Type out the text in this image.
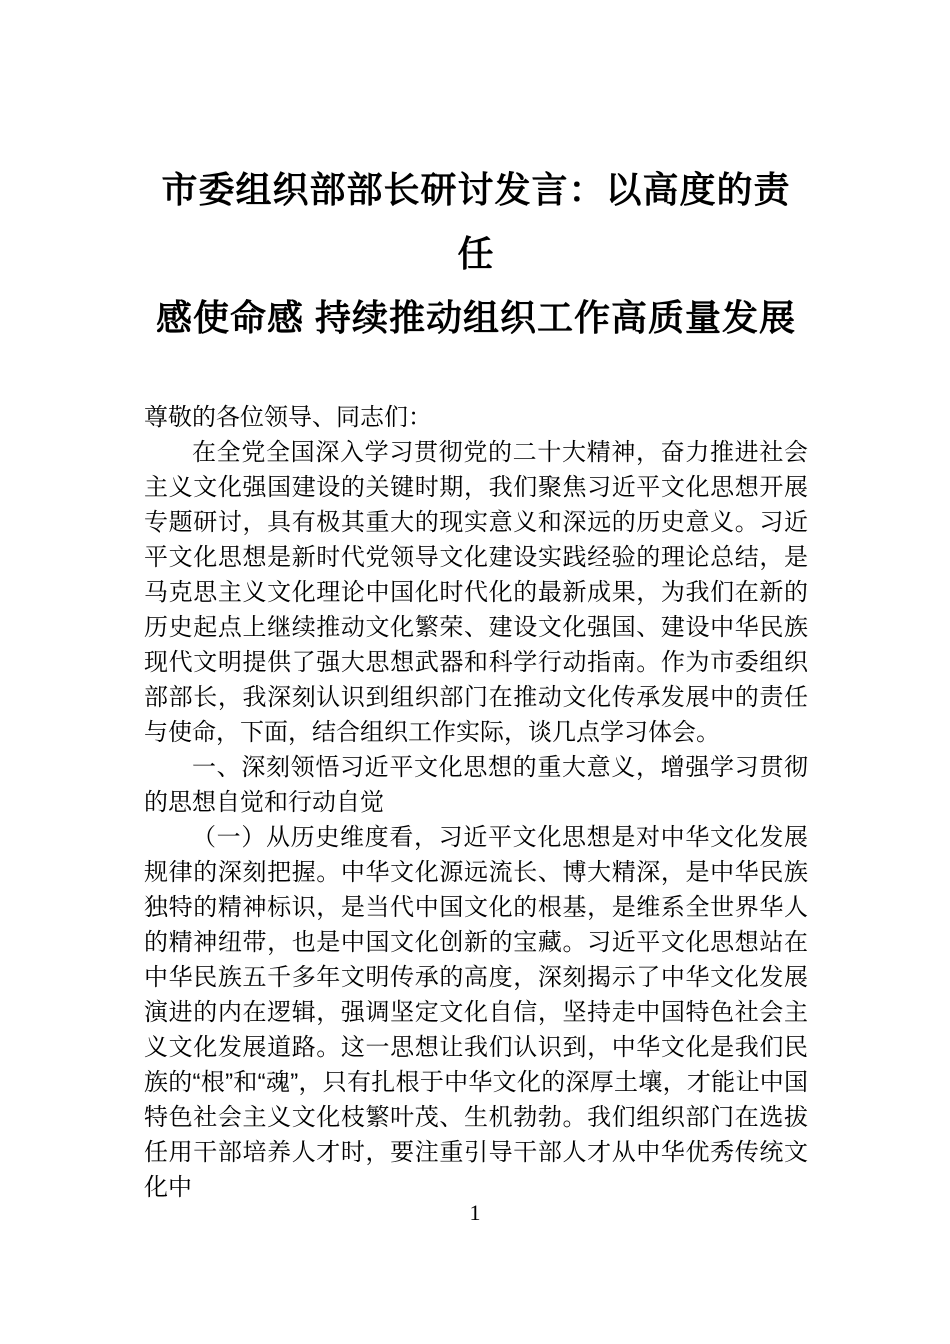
市委组织部部长研讨发言：以高度的责任
感使命感 持续推动组织工作高质量发展

尊敬的各位领导、同志们：

在全党全国深入学习贯彻党的二十大精神，奋力推进社会主义文化强国建设的关键时期，我们聚焦习近平文化思想开展专题研讨，具有极其重大的现实意义和深远的历史意义。习近平文化思想是新时代党领导文化建设实践经验的理论总结，是马克思主义文化理论中国化时代化的最新成果，为我们在新的历史起点上继续推动文化繁荣、建设文化强国、建设中华民族现代文明提供了强大思想武器和科学行动指南。作为市委组织部部长，我深刻认识到组织部门在推动文化传承发展中的责任与使命，下面，结合组织工作实际，谈几点学习体会。

一、深刻领悟习近平文化思想的重大意义，增强学习贯彻的思想自觉和行动自觉

（一）从历史维度看，习近平文化思想是对中华文化发展规律的深刻把握。中华文化源远流长、博大精深，是中华民族独特的精神标识，是当代中国文化的根基，是维系全世界华人的精神纽带，也是中国文化创新的宝藏。习近平文化思想站在中华民族五千多年文明传承的高度，深刻揭示了中华文化发展演进的内在逻辑，强调坚定文化自信，坚持走中国特色社会主义文化发展道路。这一思想让我们认识到，中华文化是我们民族的“根”和“魂”，只有扎根于中华文化的深厚土壤，才能让中国特色社会主义文化枝繁叶茂、生机勃勃。我们组织部门在选拔任用干部培养人才时，要注重引导干部人才从中华优秀传统文化中

1
